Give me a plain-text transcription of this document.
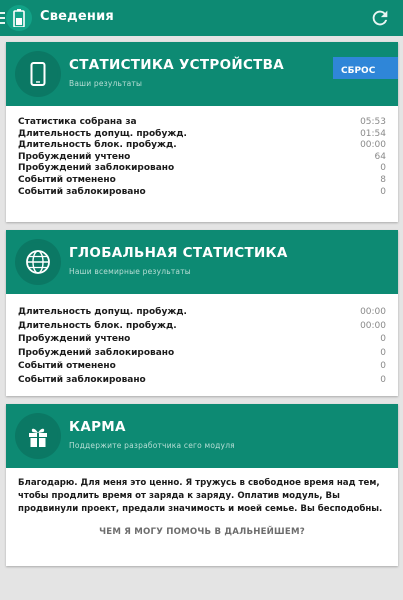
Сведения
СТАТИСТИКА УСТРОЙСТВА
Ваши результаты
СБРОС
Статистика собрана за	05:53
Длительность допущ. пробужд.	01:54
Длительность блок. пробужд.	00:00
Пробуждений учтено	64
Пробуждений заблокировано	0
Событий отменено	8
Событий заблокировано	0
ГЛОБАЛЬНАЯ СТАТИСТИКА
Наши всемирные результаты
Длительность допущ. пробужд.	00:00
Длительность блок. пробужд.	00:00
Пробуждений учтено	0
Пробуждений заблокировано	0
Событий отменено	0
Событий заблокировано	0
КАРМА
Поддержите разработчика сего модуля
Благодарю. Для меня это ценно. Я тружусь в свободное время над тем, чтобы продлить время от заряда к заряду. Оплатив модуль, Вы продвинули проект, предали значимость и моей семье. Вы бесподобны.
ЧЕМ Я МОГУ ПОМОЧЬ В ДАЛЬНЕЙШЕМ?
